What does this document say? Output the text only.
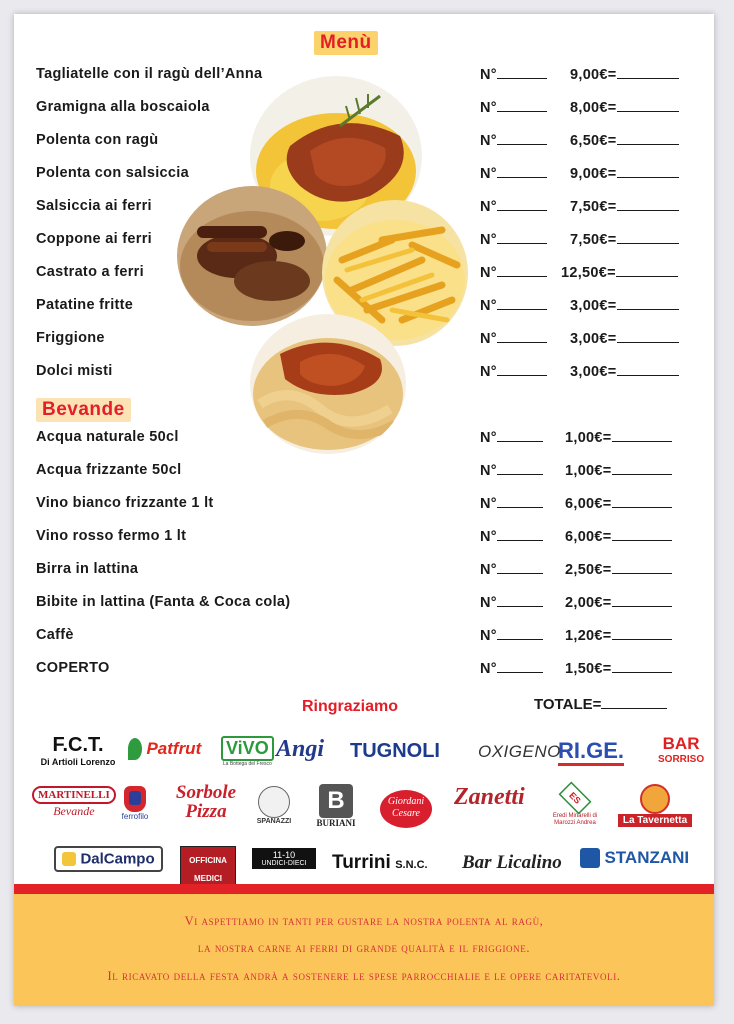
Menù
Tagliatelle con il ragù dell’Anna	N°	9,00€=
Gramigna alla boscaiola	N°	8,00€=
Polenta con ragù	N°	6,50€=
Polenta con salsiccia	N°	9,00€=
Salsiccia ai ferri	N°	7,50€=
Coppone ai ferri	N°	7,50€=
Castrato a ferri	N°	12,50€=
Patatine fritte	N°	3,00€=
Friggione	N°	3,00€=
Dolci misti	N°	3,00€=
Bevande
Acqua naturale 50cl	N°	1,00€=
Acqua frizzante 50cl	N°	1,00€=
Vino bianco frizzante 1 lt	N°	6,00€=
Vino rosso fermo 1 lt	N°	6,00€=
Birra in lattina	N°	2,50€=
Bibite in lattina (Fanta & Coca cola)	N°	2,00€=
Caffè	N°	1,20€=
COPERTO	N°	1,50€=
Ringraziamo	TOTALE=
F.C.T.
Di Artioli Lorenzo
Patfrut ViVO
La Bottega del Fresco
Angi TUGNOLI OXIGENO
RI.GE. BAR
SORRISO
MARTINELLI
Bevande	ferrofilo
Sorbole Pizza	SPANAZZI
B
BURIANI
Giordani Cesare
Zanetti	ES
Eredi Minarelli di Marozzi Andrea	La Tavernetta
DalCampo	OFFICINA MEDICI
11-10
UNDICI-DIECI	Turrini S.N.C. Bar Licalino	STANZANI

Vi aspettiamo in tanti per gustare la nostra polenta al ragù,

la nostra carne ai ferri di grande qualità e il friggione.

Il ricavato della festa andrà a sostenere le spese parrocchialie e le opere caritatevoli.
